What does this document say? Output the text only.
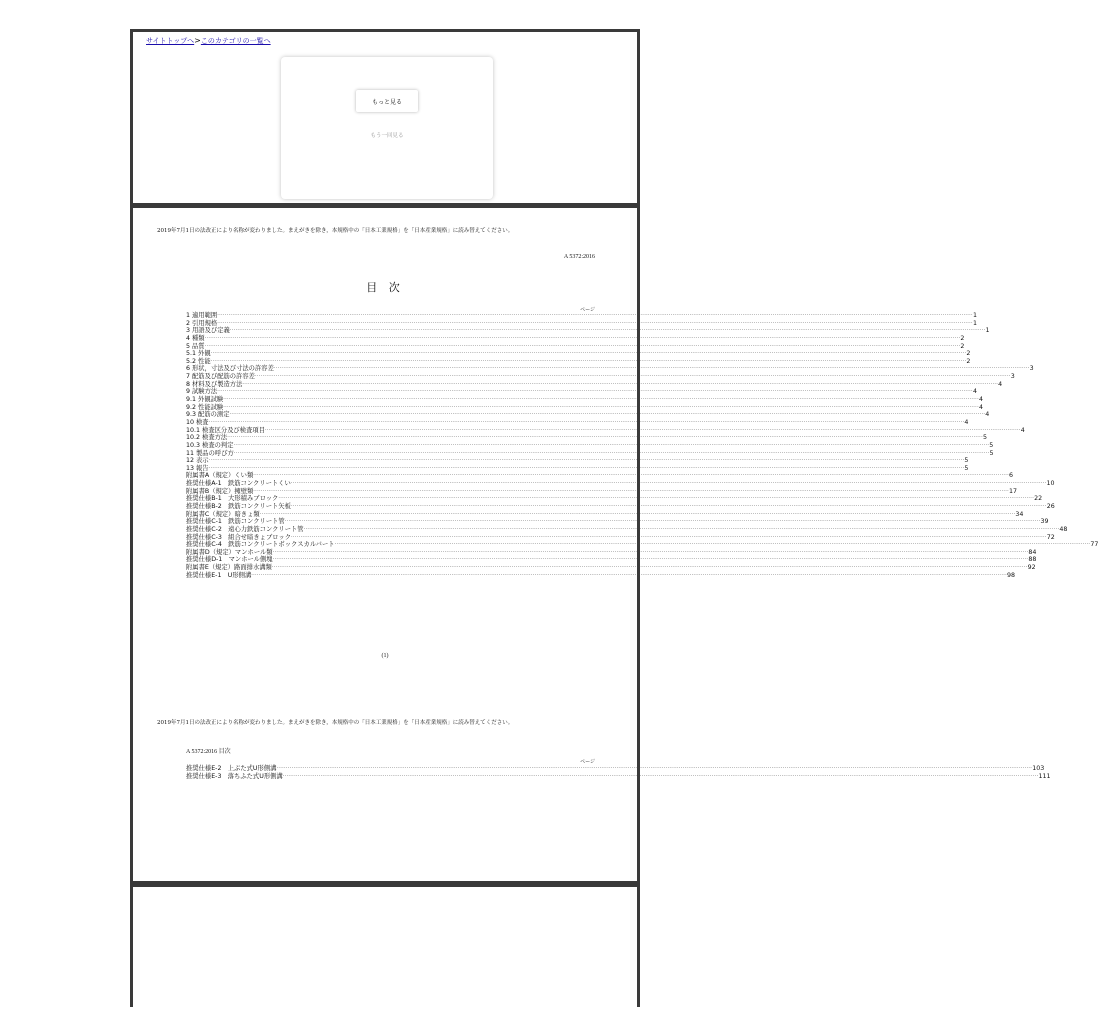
サイトトップへ>このカテゴリの一覧へ
もっと見る
もう一回見る
2019年7月1日の法改正により名称が変わりました。まえがきを除き，本規格中の「日本工業規格」を「日本産業規格」に読み替えてください。
A 5372:2016
目 次
ページ
1 適用範囲 ················································································································································································································································································································································································································ 1
2 引用規格 ················································································································································································································································································································································································································ 1
3 用語及び定義 ················································································································································································································································································································································································································ 1
4 種類 ················································································································································································································································································································································································································ 2
5 品質 ················································································································································································································································································································································································································ 2
5.1 外観 ················································································································································································································································································································································································································ 2
5.2 性能 ················································································································································································································································································································································································································ 2
6 形状，寸法及び寸法の許容差 ················································································································································································································································································································································································································ 3
7 配筋及び配筋の許容差 ················································································································································································································································································································································································································ 3
8 材料及び製造方法 ················································································································································································································································································································································································································ 4
9 試験方法 ················································································································································································································································································································································································································ 4
9.1 外観試験 ················································································································································································································································································································································································································ 4
9.2 性能試験 ················································································································································································································································································································································································································ 4
9.3 配筋の測定 ················································································································································································································································································································································································································ 4
10 検査 ················································································································································································································································································································································································································ 4
10.1 検査区分及び検査項目 ················································································································································································································································································································································································································ 4
10.2 検査方法 ················································································································································································································································································································································································································ 5
10.3 検査の判定 ················································································································································································································································································································································································································ 5
11 製品の呼び方 ················································································································································································································································································································································································································ 5
12 表示 ················································································································································································································································································································································································································ 5
13 報告 ················································································································································································································································································································································································································ 5
附属書A（規定）くい類 ················································································································································································································································································································································································································ 6
推奨仕様A-1　鉄筋コンクリートくい ················································································································································································································································································································································································································ 10
附属書B（規定）擁壁類 ················································································································································································································································································································································································································ 17
推奨仕様B-1　大形積みブロック ················································································································································································································································································································································································································ 22
推奨仕様B-2　鉄筋コンクリート矢板 ················································································································································································································································································································································································································ 26
附属書C（規定）暗きょ類 ················································································································································································································································································································································································································ 34
推奨仕様C-1　鉄筋コンクリート管 ················································································································································································································································································································································································································ 39
推奨仕様C-2　遠心力鉄筋コンクリート管 ················································································································································································································································································································································································································ 48
推奨仕様C-3　組合せ暗きょブロック ················································································································································································································································································································································································································ 72
推奨仕様C-4　鉄筋コンクリートボックスカルバート ················································································································································································································································································································································································································ 77
附属書D（規定）マンホール類 ················································································································································································································································································································································································································ 84
推奨仕様D-1　マンホール側塊 ················································································································································································································································································································································································································ 88
附属書E（規定）路面排水溝類 ················································································································································································································································································································································································································ 92
推奨仕様E-1　U形側溝 ················································································································································································································································································································································································································ 98
(1)
2019年7月1日の法改正により名称が変わりました。まえがきを除き，本規格中の「日本工業規格」を「日本産業規格」に読み替えてください。
A 5372:2016 目次
ページ
推奨仕様E-2　上ぶた式U形側溝 ················································································································································································································································································································································································································ 103
推奨仕様E-3　落ちふた式U形側溝 ················································································································································································································································································································································································································ 111
